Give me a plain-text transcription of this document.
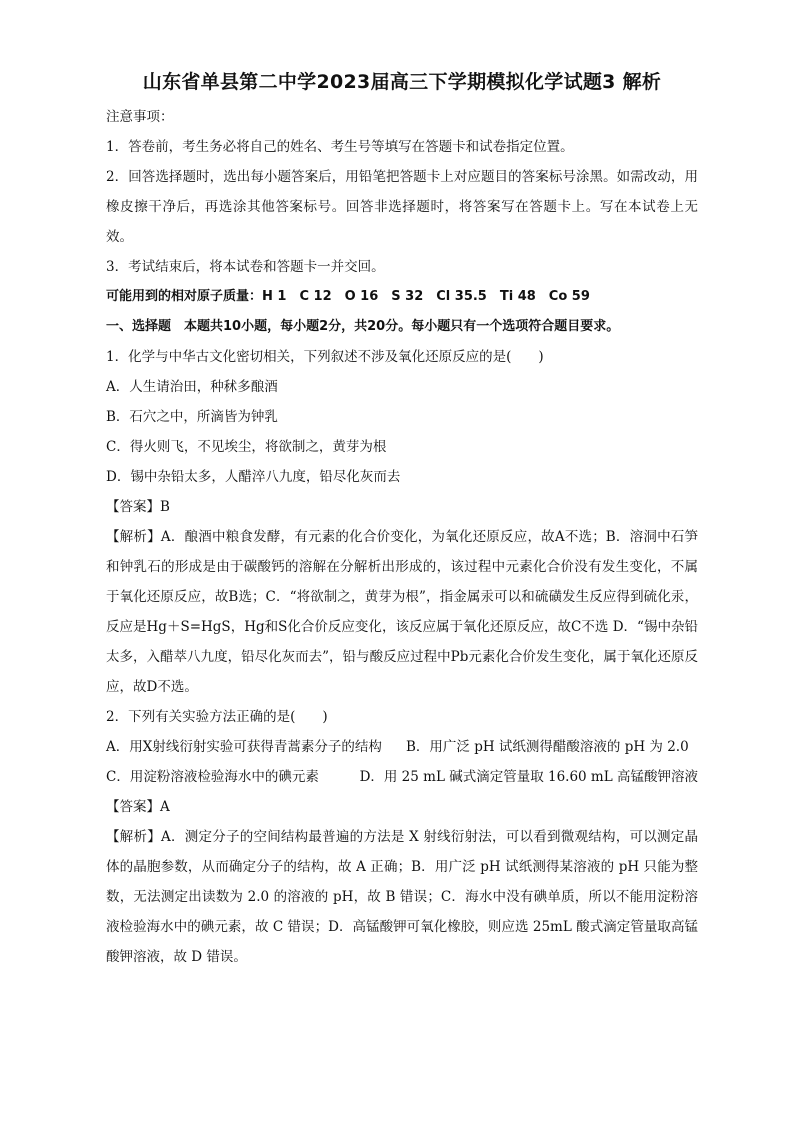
山东省单县第二中学2023届高三下学期模拟化学试题3 解析
注意事项：
1．答卷前，考生务必将自己的姓名、考生号等填写在答题卡和试卷指定位置。
2．回答选择题时，选出每小题答案后，用铅笔把答题卡上对应题目的答案标号涂黑。如需改动，用橡皮擦干净后，再选涂其他答案标号。回答非选择题时，将答案写在答题卡上。写在本试卷上无效。
3．考试结束后，将本试卷和答题卡一并交回。
可能用到的相对原子质量：H 1　C 12　O 16　S 32　Cl 35.5　Ti 48　Co 59
一、选择题　本题共10小题，每小题2分，共20分。每小题只有一个选项符合题目要求。
1．化学与中华古文化密切相关，下列叙述不涉及氧化还原反应的是(　　)
A．人生请治田，种秫多酿酒
B．石穴之中，所滴皆为钟乳
C．得火则飞，不见埃尘，将欲制之，黄芽为根
D．锡中杂铅太多，人醋淬八九度，铅尽化灰而去
【答案】B
【解析】A．酿酒中粮食发酵，有元素的化合价变化，为氧化还原反应，故A不选；B．溶洞中石笋和钟乳石的形成是由于碳酸钙的溶解在分解析出形成的，该过程中元素化合价没有发生变化，不属于氧化还原反应，故B选；C．“将欲制之，黄芽为根”，指金属汞可以和硫磺发生反应得到硫化汞，反应是Hg＋S=HgS，Hg和S化合价反应变化，该反应属于氧化还原反应，故C不选 D．“锡中杂铅太多，入醋萃八九度，铅尽化灰而去”，铅与酸反应过程中Pb元素化合价发生变化，属于氧化还原反应，故D不选。
2．下列有关实验方法正确的是(　　)
A．用X射线衍射实验可获得青蒿素分子的结构	B．用广泛 pH 试纸测得醋酸溶液的 pH 为 2.0
C．用淀粉溶液检验海水中的碘元素	D．用 25 mL 碱式滴定管量取 16.60 mL 高锰酸钾溶液
【答案】A
【解析】A．测定分子的空间结构最普遍的方法是 X 射线衍射法，可以看到微观结构，可以测定晶体的晶胞参数，从而确定分子的结构，故 A 正确；B．用广泛 pH 试纸测得某溶液的 pH 只能为整数，无法测定出读数为 2.0 的溶液的 pH，故 B 错误；C．海水中没有碘单质，所以不能用淀粉溶液检验海水中的碘元素，故 C 错误；D．高锰酸钾可氧化橡胶，则应选 25mL 酸式滴定管量取高锰酸钾溶液，故 D 错误。
